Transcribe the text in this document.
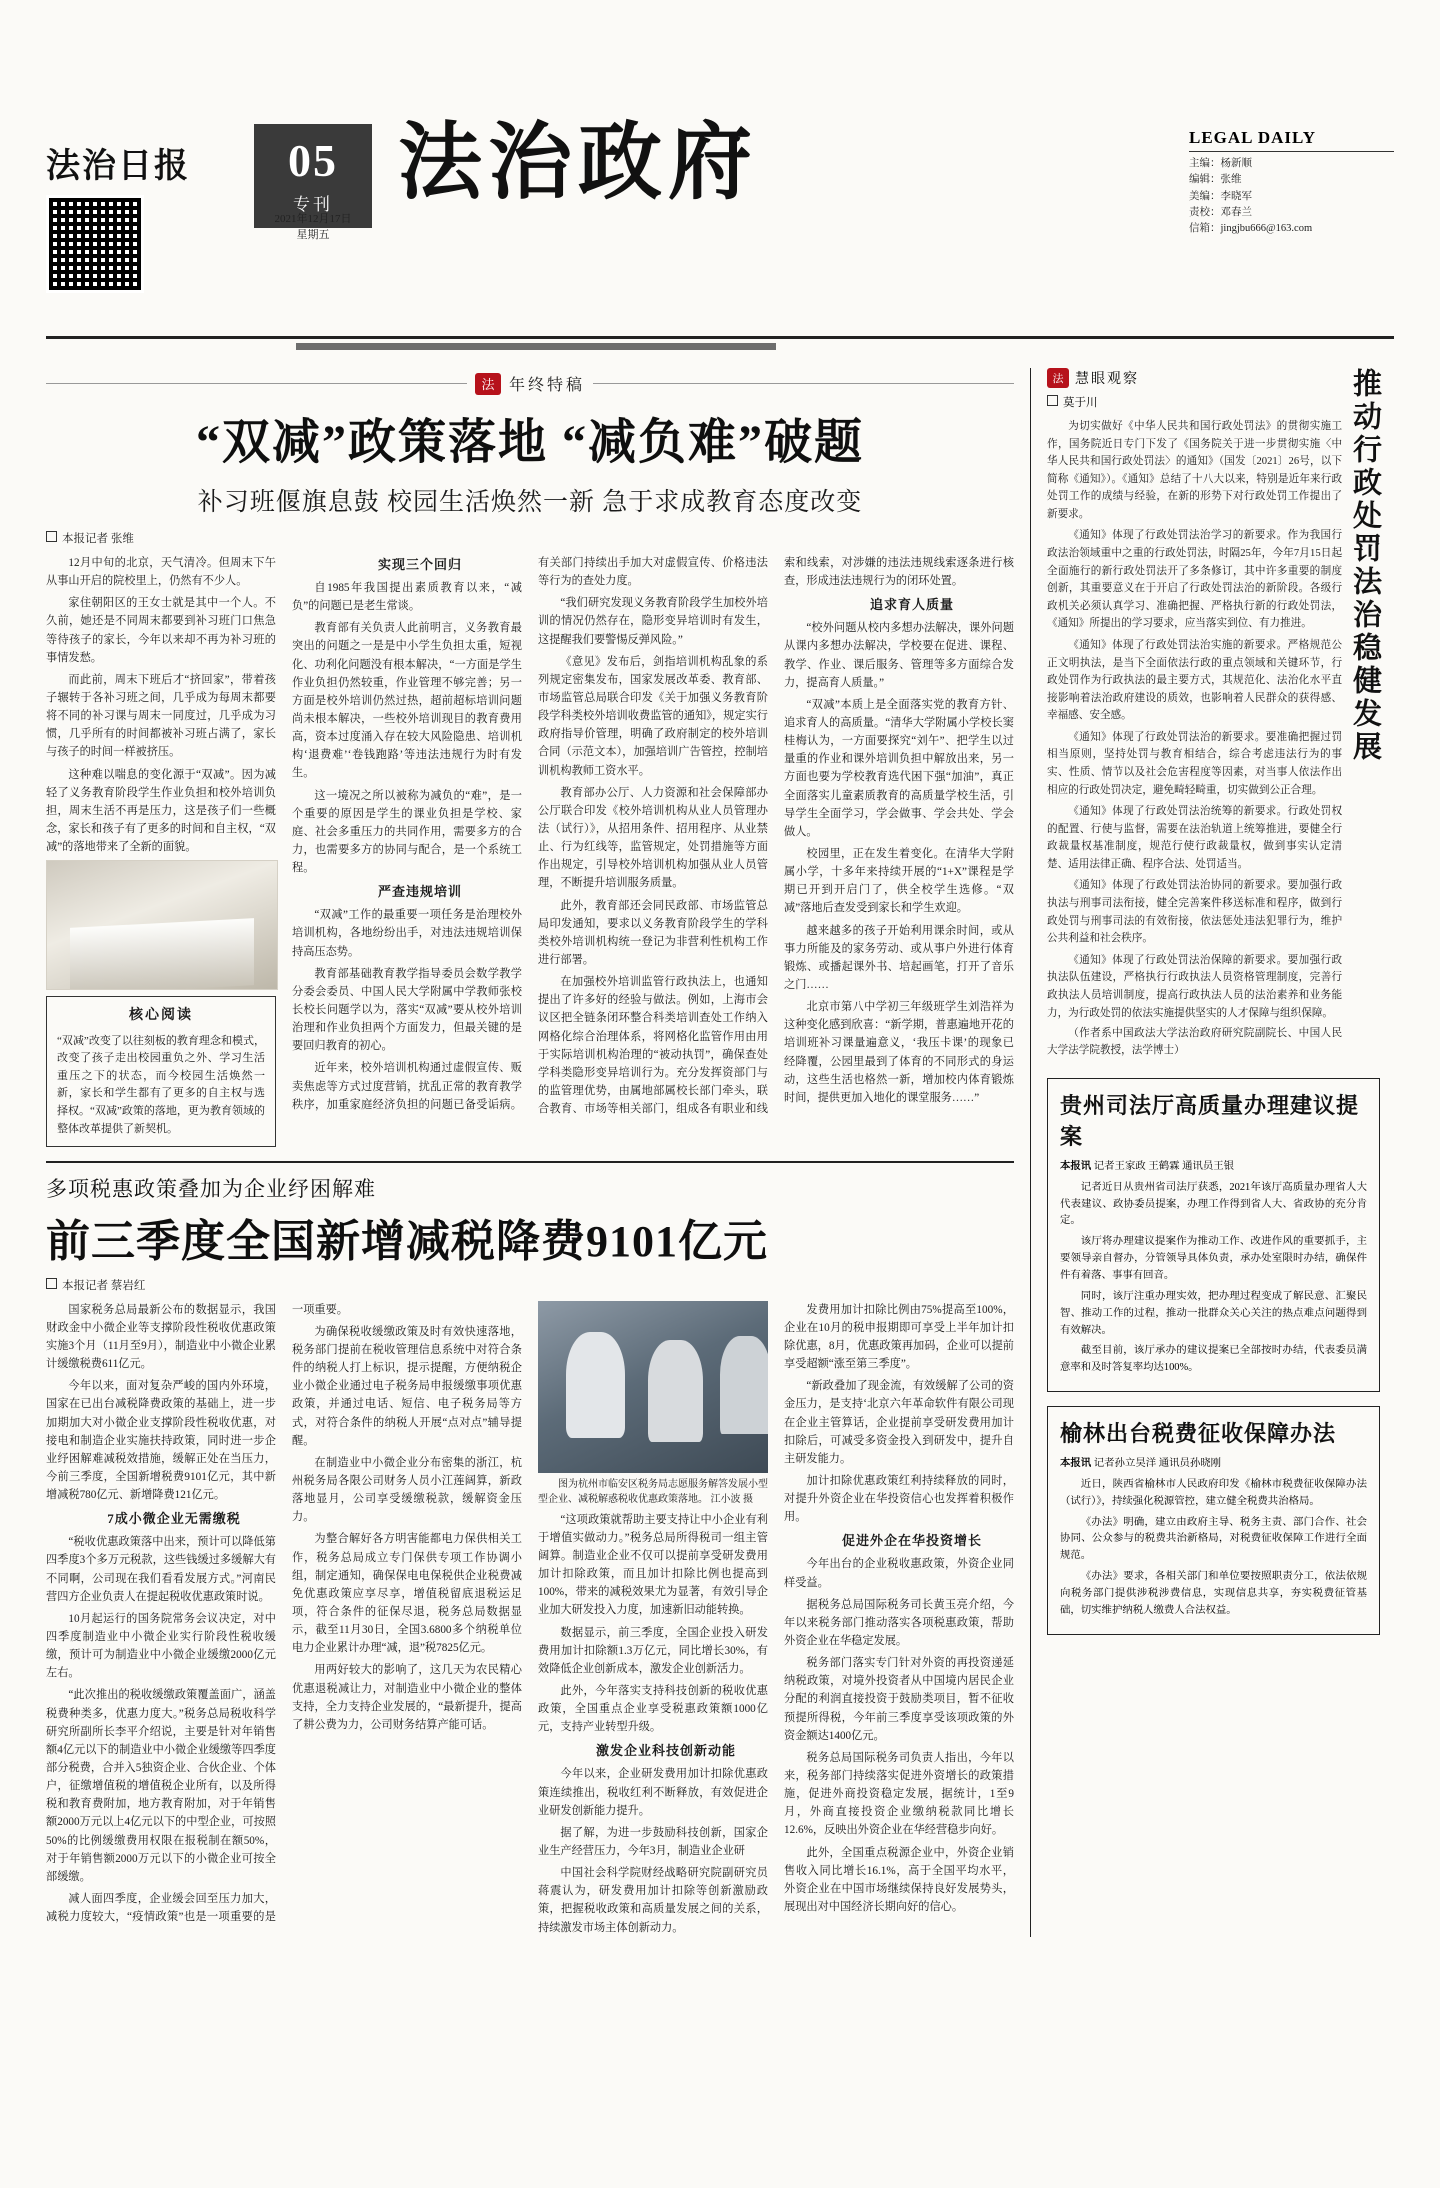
法治日报	05
专刊 法治政府	LEGAL DAILY
主编：杨新顺
编辑：张维
美编：李晓军
责校：邓春兰
信箱：jingjbu666@163.com
2021年12月17日
星期五
法 年终特稿
“双减”政策落地 “减负难”破题
补习班偃旗息鼓 校园生活焕然一新 急于求成教育态度改变
本报记者 张维

12月中旬的北京，天气清冷。但周末下午从事山开启的院校里上，仍然有不少人。

家住朝阳区的王女士就是其中一个人。不久前，她还是不同周末都要到补习班门口焦急等待孩子的家长，今年以来却不再为补习班的事情发愁。

而此前，周末下班后才“挤回家”，带着孩子辗转于各补习班之间，几乎成为每周末都要将不同的补习课与周末一同度过，几乎成为习惯，几乎所有的时间都被补习班占满了，家长与孩子的时间一样被挤压。

这种难以喘息的变化源于“双减”。因为减轻了义务教育阶段学生作业负担和校外培训负担，周末生活不再是压力，这是孩子们一些概念，家长和孩子有了更多的时间和自主权，“双减”的落地带来了全新的面貌。

核心阅读
“双减”改变了以往刻板的教育理念和模式，改变了孩子走出校园重负之外、学习生活重压之下的状态，而今校园生活焕然一新，家长和学生都有了更多的自主权与选择权。“双减”政策的落地，更为教育领域的整体改革提供了新契机。

实现三个回归

自1985年我国提出素质教育以来，“减负”的问题已是老生常谈。

教育部有关负责人此前明言，义务教育最突出的问题之一是是中小学生负担太重，短视化、功利化问题没有根本解决，“一方面是学生作业负担仍然较重，作业管理不够完善；另一方面是校外培训仍然过热，超前超标培训问题尚未根本解决，一些校外培训现目的教育费用高，资本过度涌入存在较大风险隐患、培训机构‘退费难’‘卷钱跑路’等违法违规行为时有发生。

这一境况之所以被称为减负的“难”，是一个重要的原因是学生的课业负担是学校、家庭、社会多重压力的共同作用，需要多方的合力，也需要多方的协同与配合，是一个系统工程。

严查违规培训

“双减”工作的最重要一项任务是治理校外培训机构，各地纷纷出手，对违法违规培训保持高压态势。

教育部基础教育教学指导委员会数学教学分委会委员、中国人民大学附属中学教师张校长校长问题学以为，落实“双减”要从校外培训治理和作业负担两个方面发力，但最关键的是要回归教育的初心。

近年来，校外培训机构通过虚假宣传、贩卖焦虑等方式过度营销，扰乱正常的教育教学秩序，加重家庭经济负担的问题已备受诟病。有关部门持续出手加大对虚假宣传、价格违法等行为的查处力度。

“我们研究发现义务教育阶段学生加校外培训的情况仍然存在，隐形变异培训时有发生，这提醒我们要警惕反弹风险。”

《意见》发布后，剑指培训机构乱象的系列规定密集发布，国家发展改革委、教育部、市场监管总局联合印发《关于加强义务教育阶段学科类校外培训收费监管的通知》，规定实行政府指导价管理，明确了政府制定的校外培训合同（示范文本），加强培训广告管控，控制培训机构教师工资水平。

教育部办公厅、人力资源和社会保障部办公厅联合印发《校外培训机构从业人员管理办法（试行）》，从招用条件、招用程序、从业禁止、行为红线等，监管规定，处罚措施等方面作出规定，引导校外培训机构加强从业人员管理，不断提升培训服务质量。

此外，教育部还会同民政部、市场监管总局印发通知，要求以义务教育阶段学生的学科类校外培训机构统一登记为非营利性机构工作进行部署。

在加强校外培训监管行政执法上，也通知提出了许多好的经验与做法。例如，上海市会议区把全链条闭环整合科类培训查处工作纳入网格化综合治理体系，将网格化监管作用由用于实际培训机构治理的“被动执罚”，确保查处学科类隐形变异培训行为。充分发挥资部门与的监管理优势，由属地部属校长部门牵头，联合教育、市场等相关部门，组成各有职业和线索和线索，对涉嫌的违法违规线索逐条进行核查，形成违法违规行为的闭环处置。

追求育人质量

“校外问题从校内多想办法解决，课外问题从课内多想办法解决，学校要在促进、课程、教学、作业、课后服务、管理等多方面综合发力，提高育人质量。”

“双减”本质上是全面落实党的教育方针、追求育人的高质量。“清华大学附属小学校长窦桂梅认为，一方面要探究“刘午”、把学生以过量重的作业和课外培训负担中解放出来，另一方面也要为学校教育选代困下强“加油”，真正全面落实儿童素质教育的高质量学校生活，引导学生全面学习，学会做事、学会共处、学会做人。

校园里，正在发生着变化。在清华大学附属小学，十多年来持续开展的“1+X”课程是学期已开到开启门了，供全校学生选修。“双减”落地后查发受到家长和学生欢迎。

越来越多的孩子开始利用课余时间，或从事力所能及的家务劳动、或从事户外进行体育锻炼、或播起课外书、培起画笔，打开了音乐之门……

北京市第八中学初三年级班学生刘浩祥为这种变化感到欣喜：“新学期，普惠遍地开花的培训班补习课量遍意义，‘我压卡课’的现象已经降覆，公园里最到了体育的不同形式的身运动，这些生活也格然一新，增加校内体育锻炼时间，提供更加入地化的课堂服务……”

多项税惠政策叠加为企业纾困解难
前三季度全国新增减税降费9101亿元
本报记者 蔡岩红

国家税务总局最新公布的数据显示，我国财政金中小微企业等支撑阶段性税收优惠政策实施3个月（11月至9月），制造业中小微企业累计缓缴税费611亿元。

今年以来，面对复杂严峻的国内外环境，国家在已出台减税降费政策的基础上，进一步加期加大对小微企业支撑阶段性税收优惠，对接电和制造企业实施扶持政策，同时进一步企业纾困解难减税效措施，缓解正处在当压力，今前三季度，全国新增税费9101亿元，其中新增减税780亿元、新增降费121亿元。

7成小微企业无需缴税

“税收优惠政策落中出来，预计可以降低第四季度3个多万元税款，这些钱缓过多缓解大有不同啊，公司现在我们看看发展方式。”河南民营四方企业负责人在提起税收优惠政策时说。

10月起运行的国务院常务会议决定，对中四季度制造业中小微企业实行阶段性税收缓缴，预计可为制造业中小微企业缓缴2000亿元左右。

“此次推出的税收缓缴政策覆盖面广，涵盖税费种类多，优惠力度大。”税务总局税收科学研究所副所长李平介绍说，主要是针对年销售额4亿元以下的制造业中小微企业缓缴等四季度部分税费，合并入5独资企业、合伙企业、个体户，征缴增值税的增值税企业所有，以及所得税和教育费附加，地方教育附加，对于年销售额2000万元以上4亿元以下的中型企业，可按照50%的比例缓缴费用权限在报税制在额50%，对于年销售额2000万元以下的小微企业可按全部缓缴。

减人面四季度，企业缓会回至压力加大，减税力度较大，“疫情政策”也是一项重要的是一项重要。

为确保税收缓缴政策及时有效快速落地，税务部门提前在税收管理信息系统中对符合条件的纳税人打上标识，提示提醒，方便纳税企业小微企业通过电子税务局申报缓缴事项优惠政策，并通过电话、短信、电子税务局等方式，对符合条件的纳税人开展“点对点”辅导提醒。

在制造业中小微企业分布密集的浙江，杭州税务局各限公司财务人员小江莲阔算，新政落地显月，公司享受缓缴税款，缓解资金压力。

为整合解好各方明害能都电力保供相关工作，税务总局成立专门保供专项工作协调小组，制定通知，确保保电电保税供企业税费减免优惠政策应享尽享，增值税留底退税运足项，符合条件的征保尽退，税务总局数据显示，截至11月30日，全国3.6800多个纳税单位电力企业累计办理“减，退”税7825亿元。

用两好较大的影响了，这几天为农民精心优惠退税减让力，对制造业中小微企业的整体支持，全力支持企业发展的，“最新提升，提高了耕公费为力，公司财务结算产能可话。

图为杭州市临安区税务局志愿服务解答发展小型型企业、减税解惑税收优惠政策落地。 江小波 摄

“这项政策就帮助主要支持让中小企业有利于增值实做动力。”税务总局所得税司一组主管阔算。制造业企业不仅可以提前享受研发费用加计扣除政策，而且加计扣除比例也提高到100%，带来的减税效果尤为显著，有效引导企业加大研发投入力度，加速新旧动能转换。

数据显示，前三季度，全国企业投入研发费用加计扣除额1.3万亿元，同比增长30%，有效降低企业创新成本，激发企业创新活力。

此外，今年落实支持科技创新的税收优惠政策，全国重点企业享受税惠政策额1000亿元，支持产业转型升级。

激发企业科技创新动能

今年以来，企业研发费用加计扣除优惠政策连续推出，税收红利不断释放，有效促进企业研发创新能力提升。

据了解，为进一步鼓励科技创新，国家企业生产经营压力，今年3月，制造业企业研

中国社会科学院财经战略研究院副研究员蒋震认为，研发费用加计扣除等创新激励政策，把握税收政策和高质量发展之间的关系，持续激发市场主体创新动力。

发费用加计扣除比例由75%提高至100%，企业在10月的税申报期即可享受上半年加计扣除优惠，8月，优惠政策再加码，企业可以提前享受超额“涨至第三季度”。

“新政叠加了现金流，有效缓解了公司的资金压力，是支持‘北京六年革命软件有限公司现在企业主管算话，企业提前享受研发费用加计扣除后，可减受多资金投入到研发中，提升自主研发能力。

加计扣除优惠政策红利持续释放的同时，对提升外资企业在华投资信心也发挥着积极作用。

促进外企在华投资增长

今年出台的企业税收惠政策，外资企业同样受益。

据税务总局国际税务司长黄玉亮介绍，今年以来税务部门推动落实各项税惠政策，帮助外资企业在华稳定发展。

税务部门落实专门针对外资的再投资递延纳税政策，对境外投资者从中国境内居民企业分配的利润直接投资于鼓励类项目，暂不征收预提所得税，今年前三季度享受该项政策的外资金额达1400亿元。

税务总局国际税务司负责人指出，今年以来，税务部门持续落实促进外资增长的政策措施，促进外商投资稳定发展，据统计，1至9月，外商直接投资企业缴纳税款同比增长12.6%，反映出外资企业在华经营稳步向好。

此外，全国重点税源企业中，外资企业销售收入同比增长16.1%，高于全国平均水平，外资企业在中国市场继续保持良好发展势头，展现出对中国经济长期向好的信心。

法 慧眼观察
莫于川

为切实做好《中华人民共和国行政处罚法》的贯彻实施工作，国务院近日专门下发了《国务院关于进一步贯彻实施〈中华人民共和国行政处罚法〉的通知》（国发〔2021〕26号，以下简称《通知》）。《通知》总结了十八大以来，特别是近年来行政处罚工作的成绩与经验，在新的形势下对行政处罚工作提出了新要求。

《通知》体现了行政处罚法治学习的新要求。作为我国行政法治领域重中之重的行政处罚法，时隔25年，今年7月15日起全面施行的新行政处罚法开了多条修订，其中许多重要的制度创新，其重要意义在于开启了行政处罚法治的新阶段。各级行政机关必须认真学习、准确把握、严格执行新的行政处罚法，《通知》所提出的学习要求，应当落实到位、有力推进。

《通知》体现了行政处罚法治实施的新要求。严格规范公正文明执法，是当下全面依法行政的重点领域和关键环节，行政处罚作为行政执法的最主要方式，其规范化、法治化水平直接影响着法治政府建设的质效，也影响着人民群众的获得感、幸福感、安全感。

《通知》体现了行政处罚法治的新要求。要准确把握过罚相当原则，坚持处罚与教育相结合，综合考虑违法行为的事实、性质、情节以及社会危害程度等因素，对当事人依法作出相应的行政处罚决定，避免畸轻畸重，切实做到公正合理。

《通知》体现了行政处罚法治统筹的新要求。行政处罚权的配置、行使与监督，需要在法治轨道上统筹推进，要健全行政裁量权基准制度，规范行使行政裁量权，做到事实认定清楚、适用法律正确、程序合法、处罚适当。

《通知》体现了行政处罚法治协同的新要求。要加强行政执法与刑事司法衔接，健全完善案件移送标准和程序，做到行政处罚与刑事司法的有效衔接，依法惩处违法犯罪行为，维护公共利益和社会秩序。

《通知》体现了行政处罚法治保障的新要求。要加强行政执法队伍建设，严格执行行政执法人员资格管理制度，完善行政执法人员培训制度，提高行政执法人员的法治素养和业务能力，为行政处罚的依法实施提供坚实的人才保障与组织保障。

（作者系中国政法大学法治政府研究院副院长、中国人民大学法学院教授，法学博士）

推动行政处罚法治稳健发展
贵州司法厅高质量办理建议提案

本报讯 记者王家政 王鹤霖 通讯员王银

记者近日从贵州省司法厅获悉，2021年该厅高质量办理省人大代表建议、政协委员提案，办理工作得到省人大、省政协的充分肯定。

该厅将办理建议提案作为推动工作、改进作风的重要抓手，主要领导亲自督办，分管领导具体负责，承办处室限时办结，确保件件有着落、事事有回音。

同时，该厅注重办理实效，把办理过程变成了解民意、汇聚民智、推动工作的过程，推动一批群众关心关注的热点难点问题得到有效解决。

截至目前，该厅承办的建议提案已全部按时办结，代表委员满意率和及时答复率均达100%。

榆林出台税费征收保障办法

本报讯 记者孙立昊洋 通讯员孙晓刚

近日，陕西省榆林市人民政府印发《榆林市税费征收保障办法（试行）》，持续强化税源管控，建立健全税费共治格局。

《办法》明确，建立由政府主导、税务主责、部门合作、社会协同、公众参与的税费共治新格局，对税费征收保障工作进行全面规范。

《办法》要求，各相关部门和单位要按照职责分工，依法依规向税务部门提供涉税涉费信息，实现信息共享，夯实税费征管基础，切实维护纳税人缴费人合法权益。
